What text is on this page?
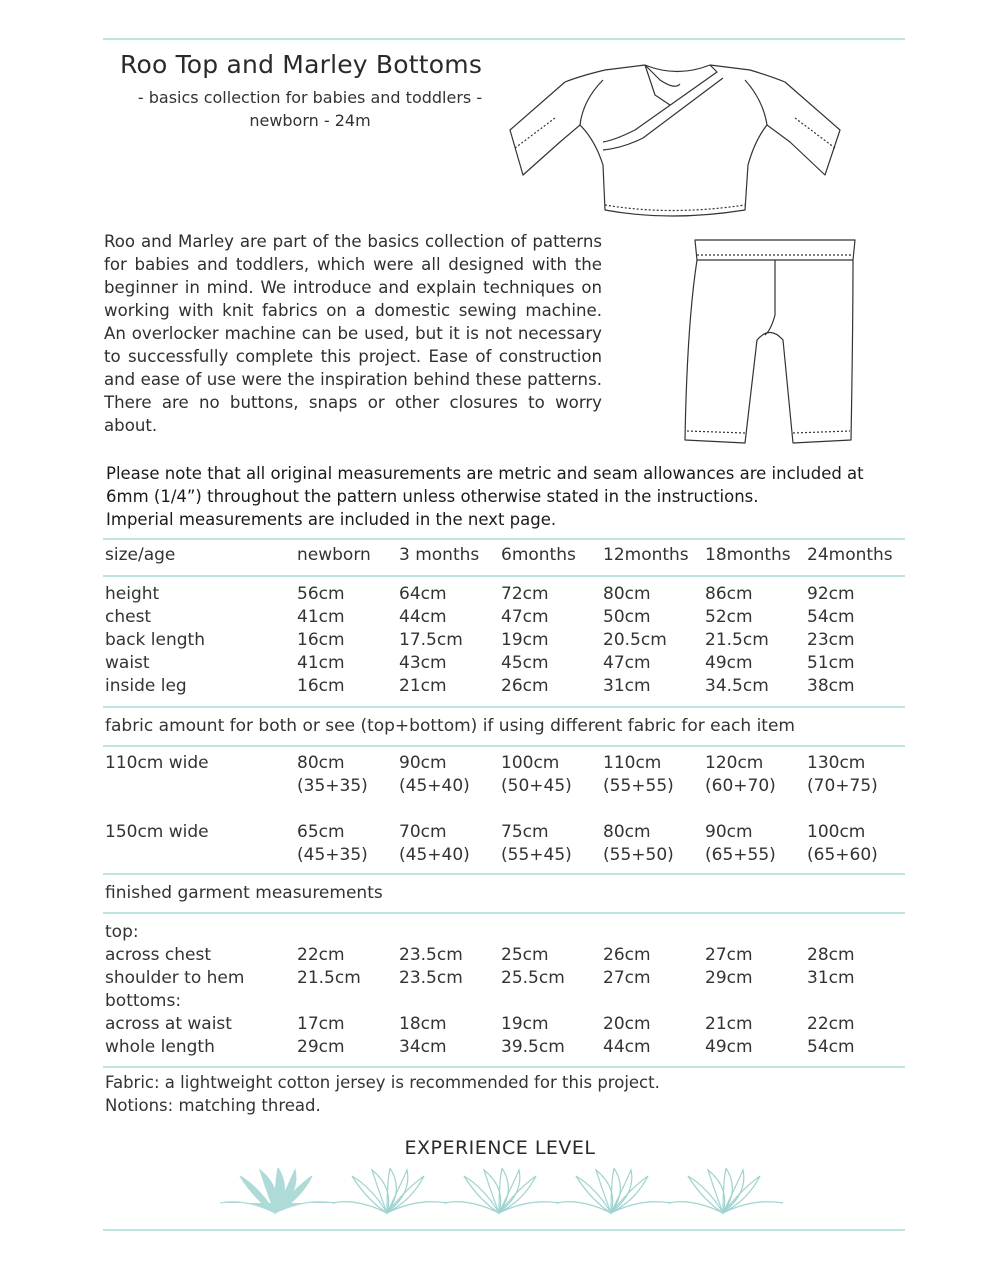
Roo Top and Marley Bottoms
- basics collection for babies and toddlers -
newborn - 24m
Roo and Marley are part of the basics collection of patterns for babies and toddlers, which were all designed with the beginner in mind. We introduce and explain techniques on working with knit fabrics on a domestic sewing machine. An overlocker machine can be used, but it is not necessary to successfully complete this project. Ease of construction and ease of use were the inspiration behind these patterns. There are no buttons, snaps or other closures to worry about.
Please note that all original measurements are metric and seam allowances are included at
6mm (1/4”) throughout the pattern unless otherwise stated in the instructions.
Imperial measurements are included in the next page.
size/age	newborn 3 months 6months 12months 18months 24months
height	56cm	64cm	72cm	80cm	86cm	92cm
chest	41cm	44cm	47cm	50cm	52cm	54cm
back length	16cm	17.5cm 19cm	20.5cm 21.5cm 23cm
waist	41cm	43cm	45cm	47cm	49cm	51cm
inside leg	16cm	21cm	26cm	31cm	34.5cm 38cm
fabric amount for both or see (top+bottom) if using different fabric for each item
110cm wide	80cm	90cm	100cm	110cm	120cm	130cm
(35+35) (45+40) (50+45) (55+55) (60+70) (70+75)
150cm wide	65cm	70cm	75cm	80cm	90cm	100cm
(45+35) (45+40) (55+45) (55+50) (65+55) (65+60)
finished garment measurements
top:
across chest	22cm	23.5cm 25cm	26cm	27cm	28cm
shoulder to hem	21.5cm 23.5cm 25.5cm 27cm	29cm	31cm
bottoms:
across at waist	17cm	18cm	19cm	20cm	21cm	22cm
whole length	29cm	34cm	39.5cm 44cm	49cm	54cm
Fabric: a lightweight cotton jersey is recommended for this project.
Notions: matching thread.
EXPERIENCE LEVEL
